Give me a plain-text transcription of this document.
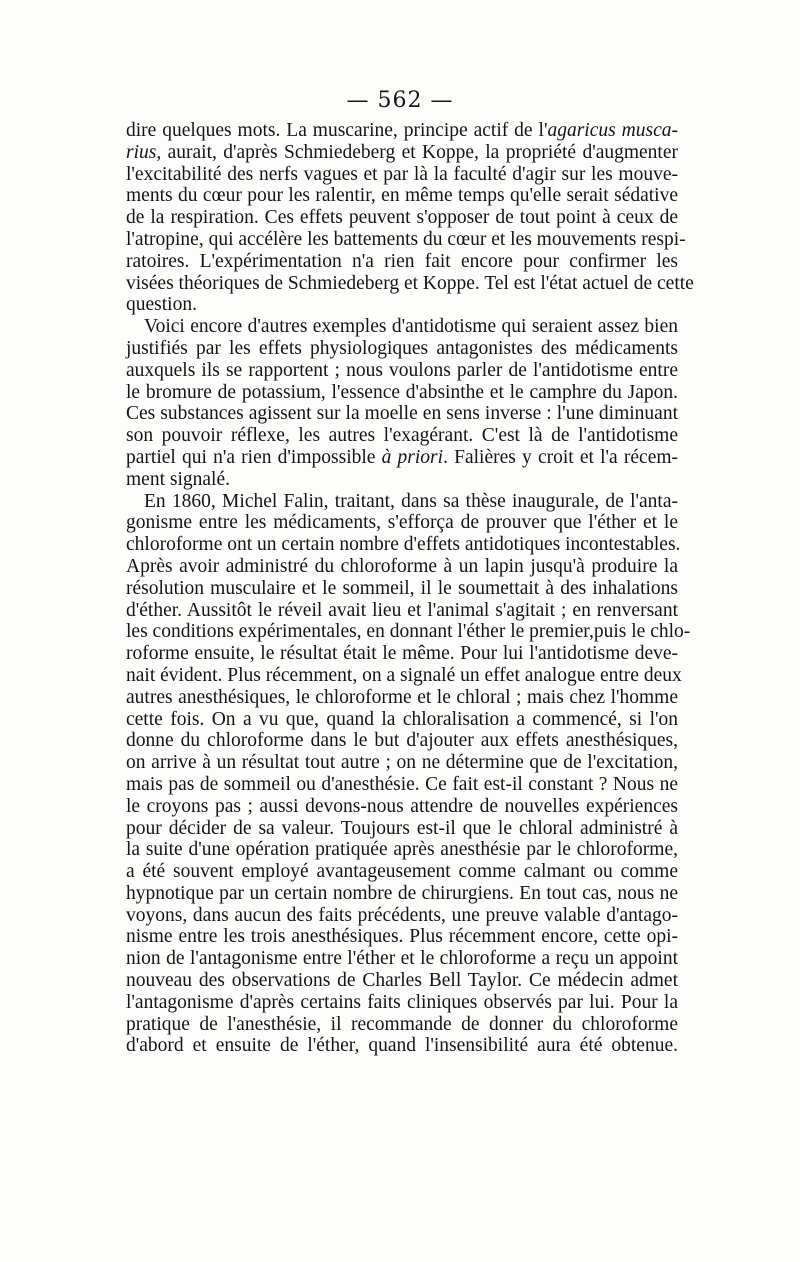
— 562 —
dire quelques mots. La muscarine, principe actif de l'agaricus musca-
rius, aurait, d'après Schmiedeberg et Koppe, la propriété d'augmenter
l'excitabilité des nerfs vagues et par là la faculté d'agir sur les mouve-
ments du cœur pour les ralentir, en même temps qu'elle serait sédative
de la respiration. Ces effets peuvent s'opposer de tout point à ceux de
l'atropine, qui accélère les battements du cœur et les mouvements respi-
ratoires. L'expérimentation n'a rien fait encore pour confirmer les
visées théoriques de Schmiedeberg et Koppe. Tel est l'état actuel de cette
question.
Voici encore d'autres exemples d'antidotisme qui seraient assez bien
justifiés par les effets physiologiques antagonistes des médicaments
auxquels ils se rapportent ; nous voulons parler de l'antidotisme entre
le bromure de potassium, l'essence d'absinthe et le camphre du Japon.
Ces substances agissent sur la moelle en sens inverse : l'une diminuant
son pouvoir réflexe, les autres l'exagérant. C'est là de l'antidotisme
partiel qui n'a rien d'impossible à priori. Falières y croit et l'a récem-
ment signalé.
En 1860, Michel Falin, traitant, dans sa thèse inaugurale, de l'anta-
gonisme entre les médicaments, s'efforça de prouver que l'éther et le
chloroforme ont un certain nombre d'effets antidotiques incontestables.
Après avoir administré du chloroforme à un lapin jusqu'à produire la
résolution musculaire et le sommeil, il le soumettait à des inhalations
d'éther. Aussitôt le réveil avait lieu et l'animal s'agitait ; en renversant
les conditions expérimentales, en donnant l'éther le premier,puis le chlo-
roforme ensuite, le résultat était le même. Pour lui l'antidotisme deve-
nait évident. Plus récemment, on a signalé un effet analogue entre deux
autres anesthésiques, le chloroforme et le chloral ; mais chez l'homme
cette fois. On a vu que, quand la chloralisation a commencé, si l'on
donne du chloroforme dans le but d'ajouter aux effets anesthésiques,
on arrive à un résultat tout autre ; on ne détermine que de l'excitation,
mais pas de sommeil ou d'anesthésie. Ce fait est-il constant ? Nous ne
le croyons pas ; aussi devons-nous attendre de nouvelles expériences
pour décider de sa valeur. Toujours est-il que le chloral administré à
la suite d'une opération pratiquée après anesthésie par le chloroforme,
a été souvent employé avantageusement comme calmant ou comme
hypnotique par un certain nombre de chirurgiens. En tout cas, nous ne
voyons, dans aucun des faits précédents, une preuve valable d'antago-
nisme entre les trois anesthésiques. Plus récemment encore, cette opi-
nion de l'antagonisme entre l'éther et le chloroforme a reçu un appoint
nouveau des observations de Charles Bell Taylor. Ce médecin admet
l'antagonisme d'après certains faits cliniques observés par lui. Pour la
pratique de l'anesthésie, il recommande de donner du chloroforme
d'abord et ensuite de l'éther, quand l'insensibilité aura été obtenue.
